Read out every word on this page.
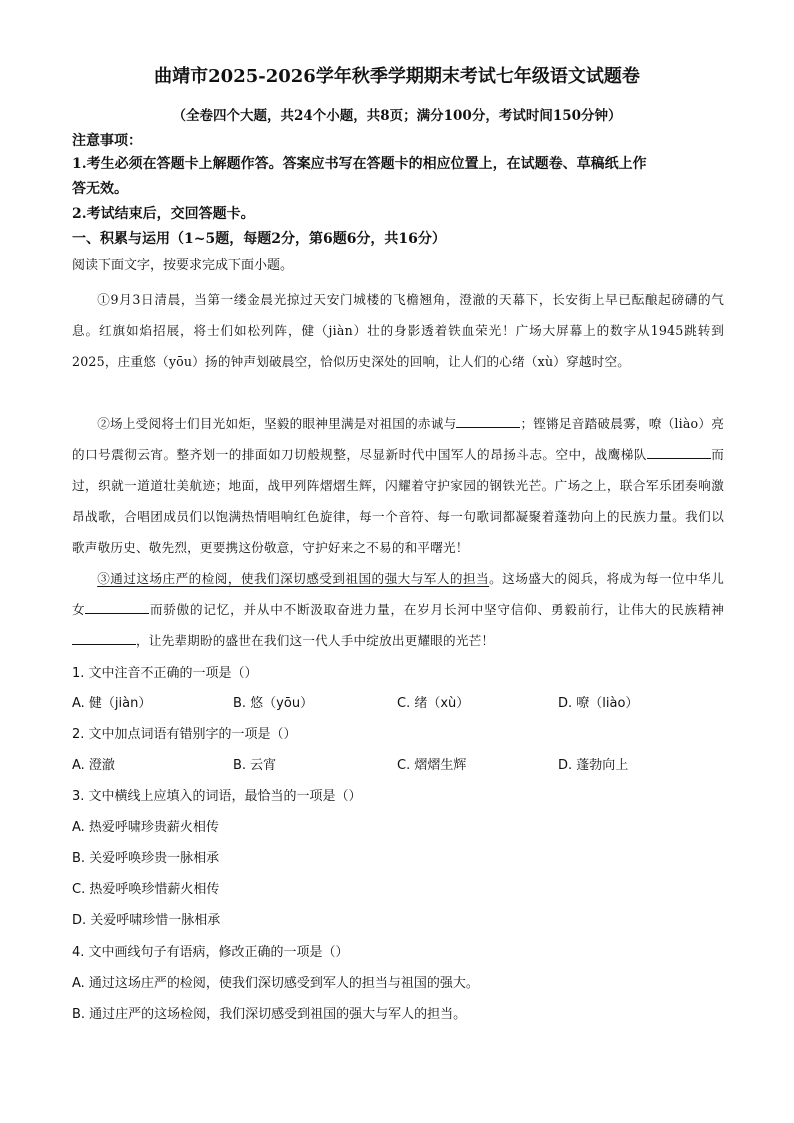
曲靖市2025-2026学年秋季学期期末考试七年级语文试题卷
（全卷四个大题，共24个小题，共8页；满分100分，考试时间150分钟）
注意事项：
1.考生必须在答题卡上解题作答。答案应书写在答题卡的相应位置上，在试题卷、草稿纸上作
答无效。
2.考试结束后，交回答题卡。
一、积累与运用（1~5题，每题2分，第6题6分，共16分）
阅读下面文字，按要求完成下面小题。
①9月3日清晨，当第一缕金晨光掠过天安门城楼的飞檐翘角，澄澈的天幕下，长安街上早已酝酿起磅礴的气息。红旗如焰招展，将士们如松列阵，健（jiàn）壮的身影透着铁血荣光！广场大屏幕上的数字从1945跳转到2025，庄重悠（yōu）扬的钟声划破晨空，恰似历史深处的回响，让人们的心绪（xù）穿越时空。
②场上受阅将士们目光如炬，坚毅的眼神里满是对祖国的赤诚与	；铿锵足音踏破晨雾，嘹（liào）亮的口号震彻云宵。整齐划一的排面如刀切般规整，尽显新时代中国军人的昂扬斗志。空中，战鹰梯队	而过，织就一道道壮美航迹；地面，战甲列阵熠熠生辉，闪耀着守护家园的钢铁光芒。广场之上，联合军乐团奏响激昂战歌，合唱团成员们以饱满热情唱响红色旋律，每一个音符、每一句歌词都凝聚着蓬勃向上的民族力量。我们以歌声敬历史、敬先烈，更要携这份敬意，守护好来之不易的和平曙光！
③通过这场庄严的检阅，使我们深切感受到祖国的强大与军人的担当。这场盛大的阅兵，将成为每一位中华儿女	而骄傲的记忆，并从中不断汲取奋进力量，在岁月长河中坚守信仰、勇毅前行，让伟大的民族精神，让先辈期盼的盛世在我们这一代人手中绽放出更耀眼的光芒！
1. 文中注音不正确的一项是（）
A. 健（jiàn）	B. 悠（yōu）	C. 绪（xù）	D. 嘹（liào）
2. 文中加点词语有错别字的一项是（）
A. 澄澈	B. 云宵	C. 熠熠生辉	D. 蓬勃向上
3. 文中横线上应填入的词语，最恰当的一项是（）
A. 热爱呼啸珍贵薪火相传
B. 关爱呼唤珍贵一脉相承
C. 热爱呼唤珍惜薪火相传
D. 关爱呼啸珍惜一脉相承
4. 文中画线句子有语病，修改正确的一项是（）
A. 通过这场庄严的检阅，使我们深切感受到军人的担当与祖国的强大。
B. 通过庄严的这场检阅，我们深切感受到祖国的强大与军人的担当。
